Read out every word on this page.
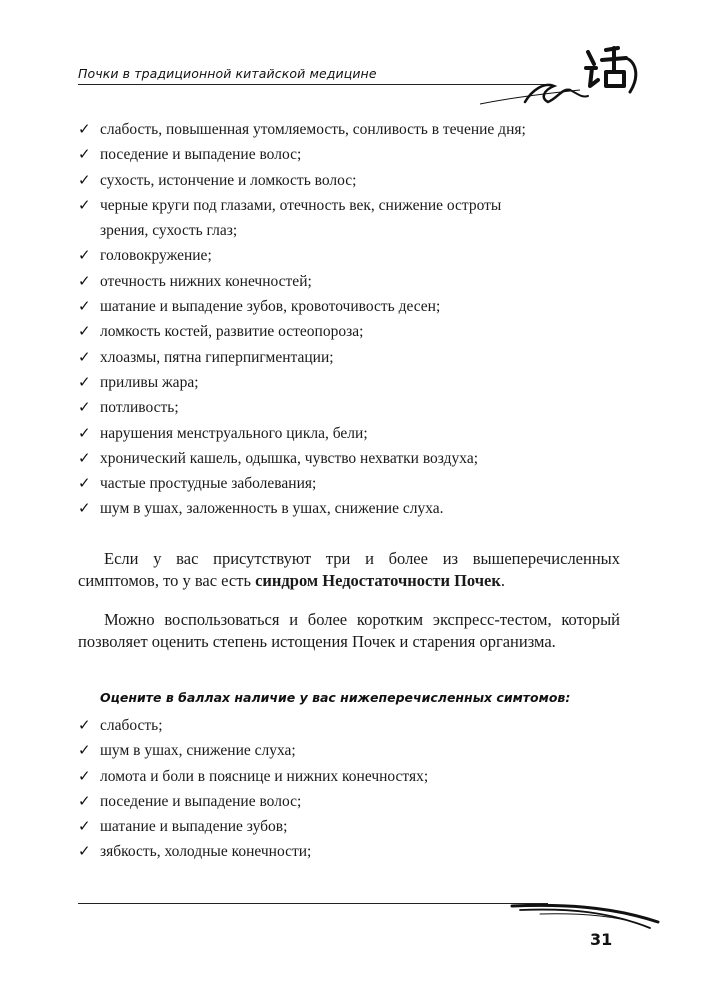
Почки в традиционной китайской медицине
✓ слабость, повышенная утомляемость, сонливость в течение дня;
✓ поседение и выпадение волос;
✓ сухость, истончение и ломкость волос;
✓ черные круги под глазами, отечность век, снижение остроты
зрения, сухость глаз;
✓ головокружение;
✓ отечность нижних конечностей;
✓ шатание и выпадение зубов, кровоточивость десен;
✓ ломкость костей, развитие остеопороза;
✓ хлоазмы, пятна гиперпигментации;
✓ приливы жара;
✓ потливость;
✓ нарушения менструального цикла, бели;
✓ хронический кашель, одышка, чувство нехватки воздуха;
✓ частые простудные заболевания;
✓ шум в ушах, заложенность в ушах, снижение слуха.

Если у вас присутствуют три и более из вышеперечисленных симптомов, то у вас есть синдром Недостаточности Почек.

Можно воспользоваться и более коротким экспресс-тестом, который позволяет оценить степень истощения Почек и старения организма.

Оцените в баллах наличие у вас нижеперечисленных симтомов:

✓ слабость;
✓ шум в ушах, снижение слуха;
✓ ломота и боли в пояснице и нижних конечностях;
✓ поседение и выпадение волос;
✓ шатание и выпадение зубов;
✓ зябкость, холодные конечности;
31
